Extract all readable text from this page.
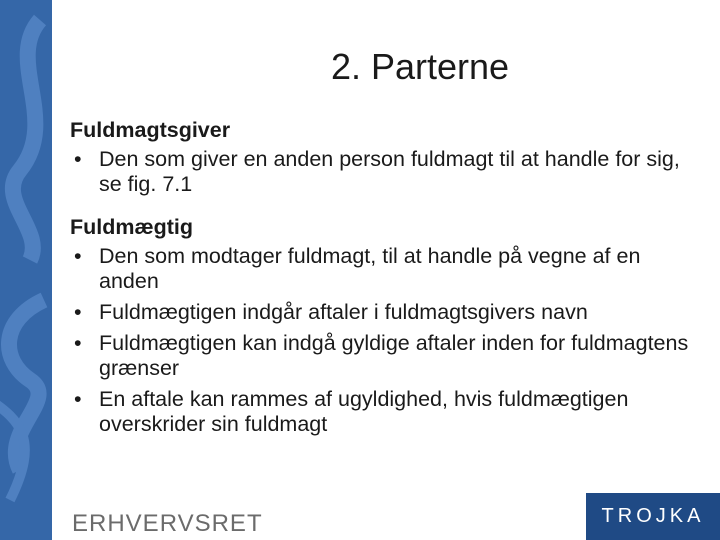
2. Parterne
Fuldmagtsgiver
• Den som giver en anden person fuldmagt til at handle for sig, se fig. 7.1
Fuldmægtig
• Den som modtager fuldmagt, til at handle på vegne af en anden
• Fuldmægtigen indgår aftaler i fuldmagtsgivers navn
• Fuldmægtigen kan indgå gyldige aftaler inden for fuldmagtens grænser
• En aftale kan rammes af ugyldighed, hvis fuldmægtigen overskrider sin fuldmagt
ERHVERVSRET	TROJKA
